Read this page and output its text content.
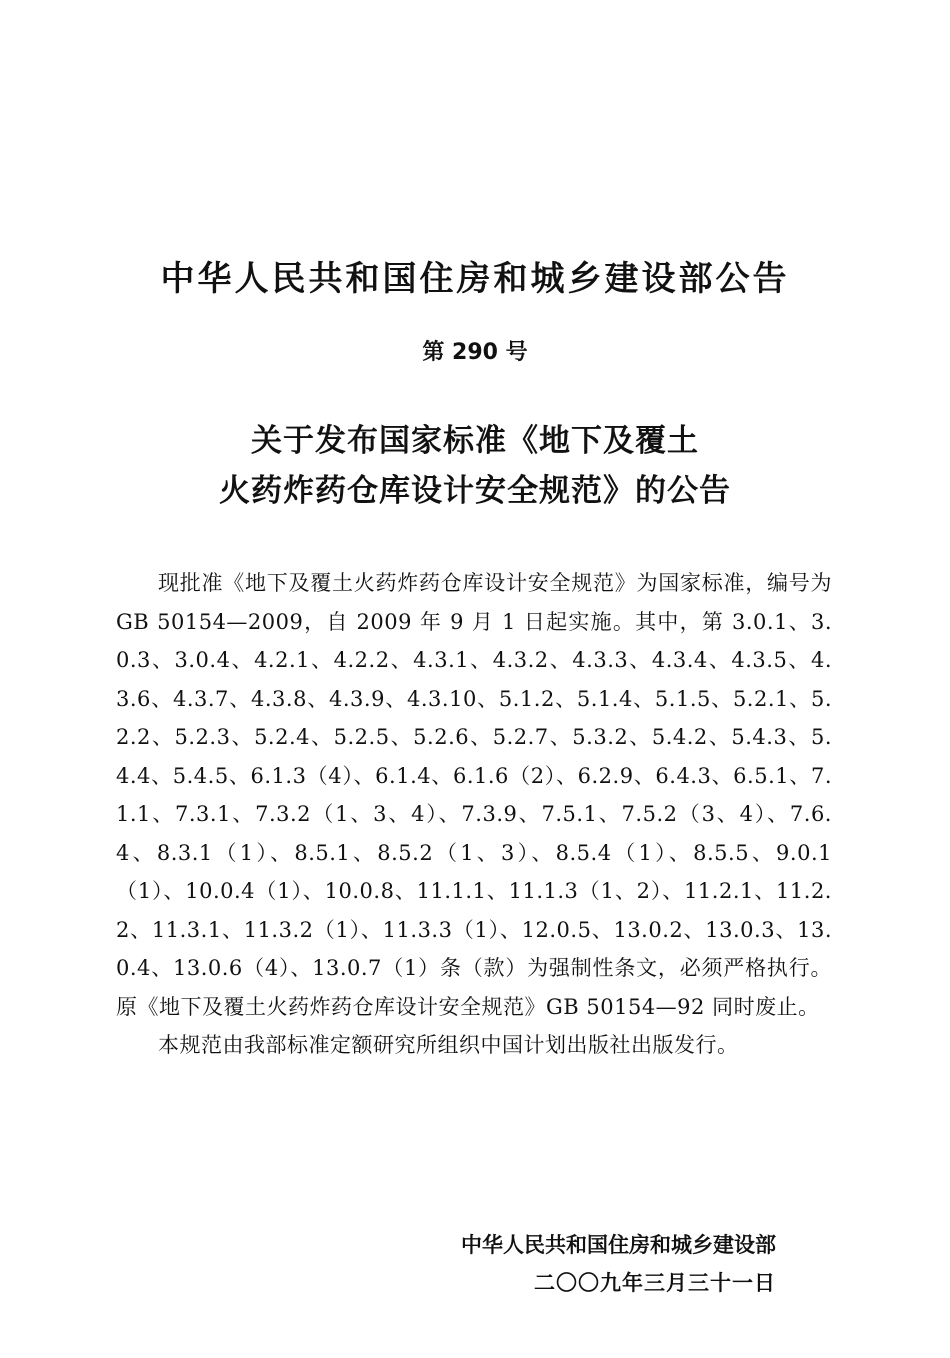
中华人民共和国住房和城乡建设部公告
第 290 号
关于发布国家标准《地下及覆土
火药炸药仓库设计安全规范》的公告

现批准《地下及覆土火药炸药仓库设计安全规范》为国家标准，编号为GB 50154—2009，自 2009 年 9 月 1 日起实施。其中，第 3.0.1、3.0.3、3.0.4、4.2.1、4.2.2、4.3.1、4.3.2、4.3.3、4.3.4、4.3.5、4.3.6、4.3.7、4.3.8、4.3.9、4.3.10、5.1.2、5.1.4、5.1.5、5.2.1、5.2.2、5.2.3、5.2.4、5.2.5、5.2.6、5.2.7、5.3.2、5.4.2、5.4.3、5.4.4、5.4.5、6.1.3（4）、6.1.4、6.1.6（2）、6.2.9、6.4.3、6.5.1、7.1.1、7.3.1、7.3.2（1、3、4）、7.3.9、7.5.1、7.5.2（3、4）、7.6.4、8.3.1（1）、8.5.1、8.5.2（1、3）、8.5.4（1）、8.5.5、9.0.1（1）、10.0.4（1）、10.0.8、11.1.1、11.1.3（1、2）、11.2.1、11.2.2、11.3.1、11.3.2（1）、11.3.3（1）、12.0.5、13.0.2、13.0.3、13.0.4、13.0.6（4）、13.0.7（1）条（款）为强制性条文，必须严格执行。原《地下及覆土火药炸药仓库设计安全规范》GB 50154—92 同时废止。

本规范由我部标准定额研究所组织中国计划出版社出版发行。

中华人民共和国住房和城乡建设部
二〇〇九年三月三十一日
